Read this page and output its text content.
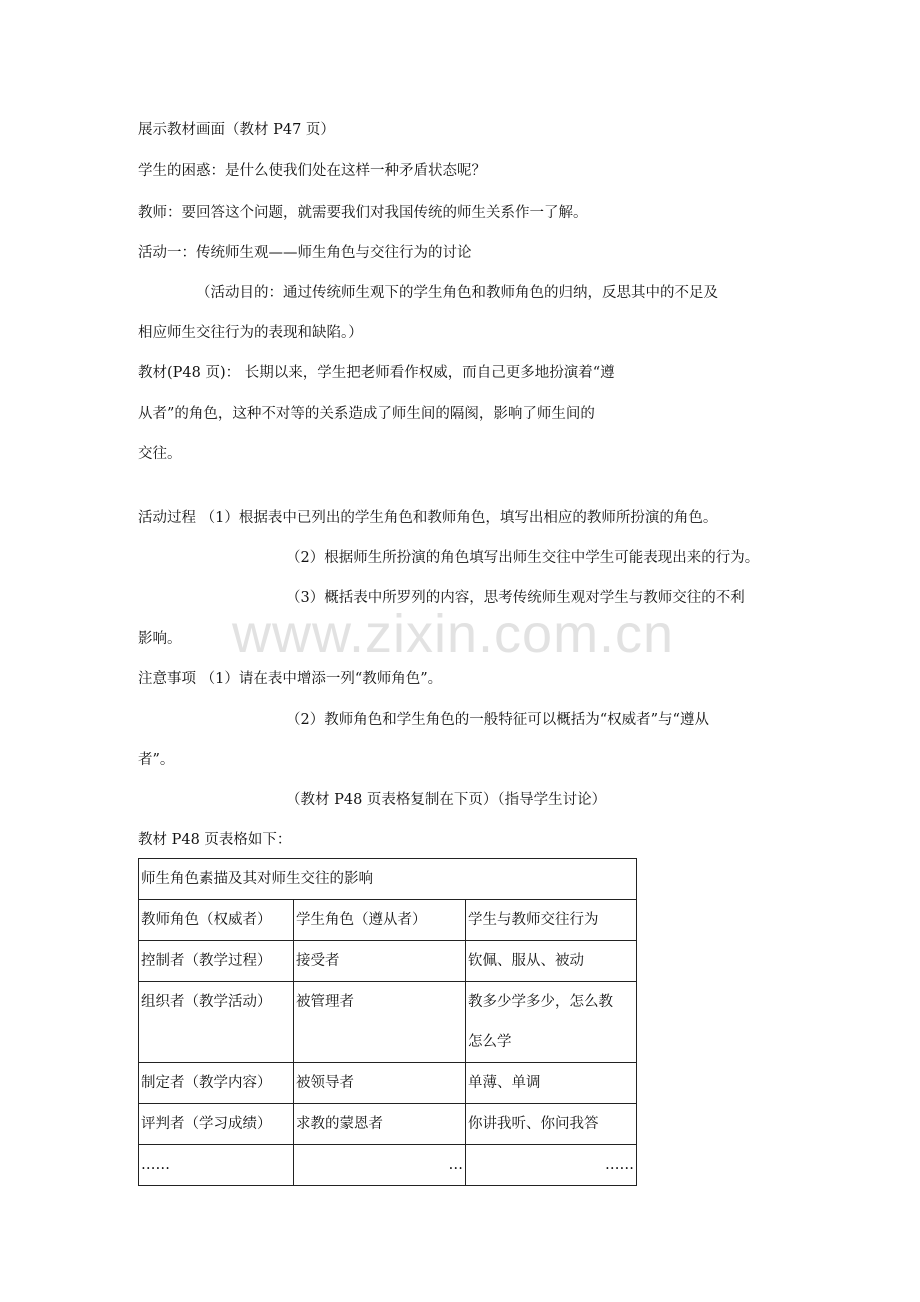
www.zixin.com.cn
展示教材画面（教材 P47 页）
学生的困惑：是什么使我们处在这样一种矛盾状态呢？
教师：要回答这个问题，就需要我们对我国传统的师生关系作一了解。
活动一：传统师生观——师生角色与交往行为的讨论
（活动目的：通过传统师生观下的学生角色和教师角色的归纳，反思其中的不足及
相应师生交往行为的表现和缺陷。）
教材(P48 页)： 长期以来，学生把老师看作权威，而自己更多地扮演着“遵
从者”的角色，这种不对等的关系造成了师生间的隔阂，影响了师生间的
交往。
活动过程 （1）根据表中已列出的学生角色和教师角色，填写出相应的教师所扮演的角色。
（2）根据师生所扮演的角色填写出师生交往中学生可能表现出来的行为。
（3）概括表中所罗列的内容，思考传统师生观对学生与教师交往的不利
影响。
注意事项 （1）请在表中增添一列“教师角色”。
（2）教师角色和学生角色的一般特征可以概括为“权威者”与“遵从
者”。
（教材 P48 页表格复制在下页）（指导学生讨论）
教材 P48 页表格如下：
师生角色素描及其对师生交往的影响		
教师角色（权威者）	学生角色（遵从者）	学生与教师交往行为
控制者（教学过程）	接受者	钦佩、服从、被动
组织者（教学活动）	被管理者	教多少学多少，怎么教
怎么学

制定者（教学内容）	被领导者	单薄、单调
评判者（学习成绩）	求教的蒙恩者	你讲我听、你问我答
……	…	……
